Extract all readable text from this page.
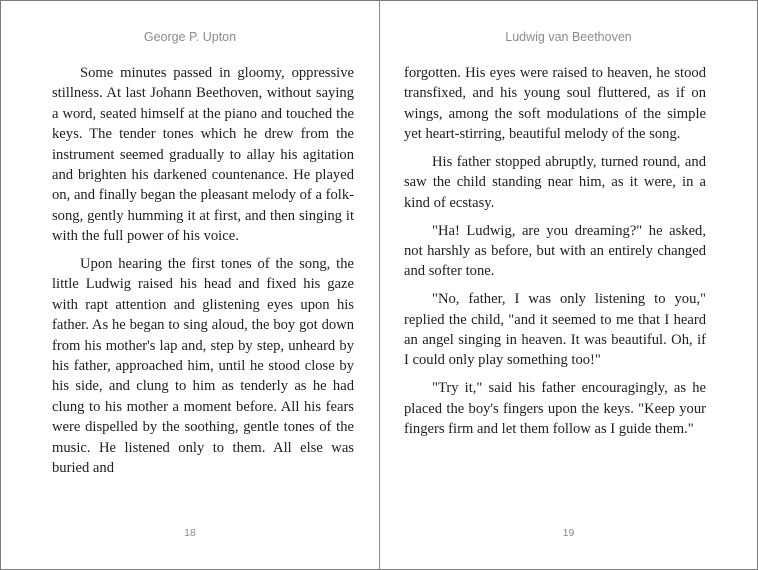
George P. Upton

Some minutes passed in gloomy, oppressive stillness. At last Johann Beethoven, without saying a word, seated himself at the piano and touched the keys. The tender tones which he drew from the instrument seemed gradually to allay his agitation and brighten his darkened countenance. He played on, and finally began the pleasant melody of a folk-song, gently humming it at first, and then singing it with the full power of his voice.

Upon hearing the first tones of the song, the little Ludwig raised his head and fixed his gaze with rapt attention and glistening eyes upon his father. As he began to sing aloud, the boy got down from his mother's lap and, step by step, unheard by his father, approached him, until he stood close by his side, and clung to him as tenderly as he had clung to his mother a moment before. All his fears were dispelled by the soothing, gentle tones of the music. He listened only to them. All else was buried and

18
Ludwig van Beethoven

forgotten. His eyes were raised to heaven, he stood transfixed, and his young soul fluttered, as if on wings, among the soft modulations of the simple yet heart-stirring, beautiful melody of the song.

His father stopped abruptly, turned round, and saw the child standing near him, as it were, in a kind of ecstasy.

"Ha! Ludwig, are you dreaming?" he asked, not harshly as before, but with an entirely changed and softer tone.

"No, father, I was only listening to you," replied the child, "and it seemed to me that I heard an angel singing in heaven. It was beautiful. Oh, if I could only play something too!"

"Try it," said his father encouragingly, as he placed the boy's fingers upon the keys. "Keep your fingers firm and let them follow as I guide them."

19
